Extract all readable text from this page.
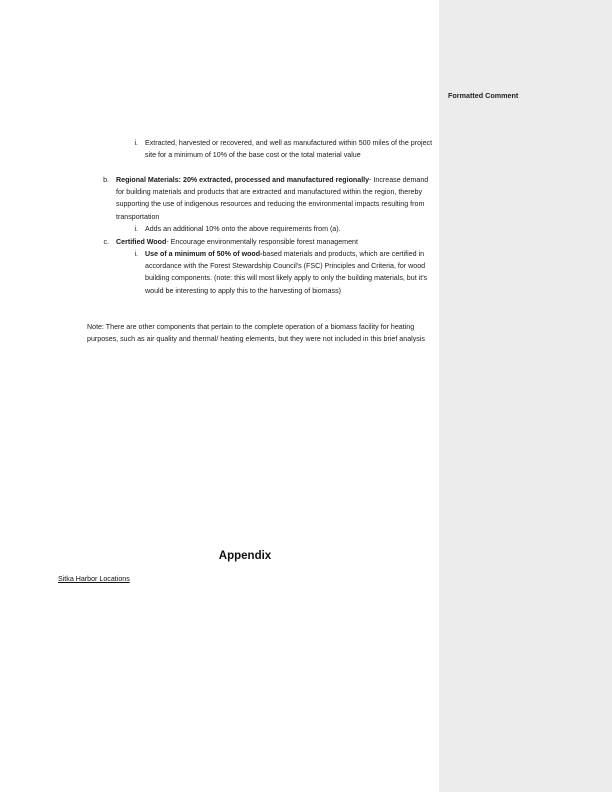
Formatted Comment
i. Extracted, harvested or recovered, and well as manufactured within 500 miles of the project site for a minimum of 10% of the base cost or the total material value
b. Regional Materials: 20% extracted, processed and manufactured regionally- Increase demand for building materials and products that are extracted and manufactured within the region, thereby supporting the use of indigenous resources and reducing the environmental impacts resulting from transportation
i. Adds an additional 10% onto the above requirements from (a).
c. Certified Wood- Encourage environmentally responsible forest management
i. Use of a minimum of 50% of wood-based materials and products, which are certified in accordance with the Forest Stewardship Council's (FSC) Principles and Criteria, for wood building components. (note: this will most likely apply to only the building materials, but it's would be interesting to apply this to the harvesting of biomass)
Note: There are other components that pertain to the complete operation of a biomass facility for heating purposes, such as air quality and thermal/ heating elements, but they were not included in this brief analysis
Appendix
Sitka Harbor Locations
